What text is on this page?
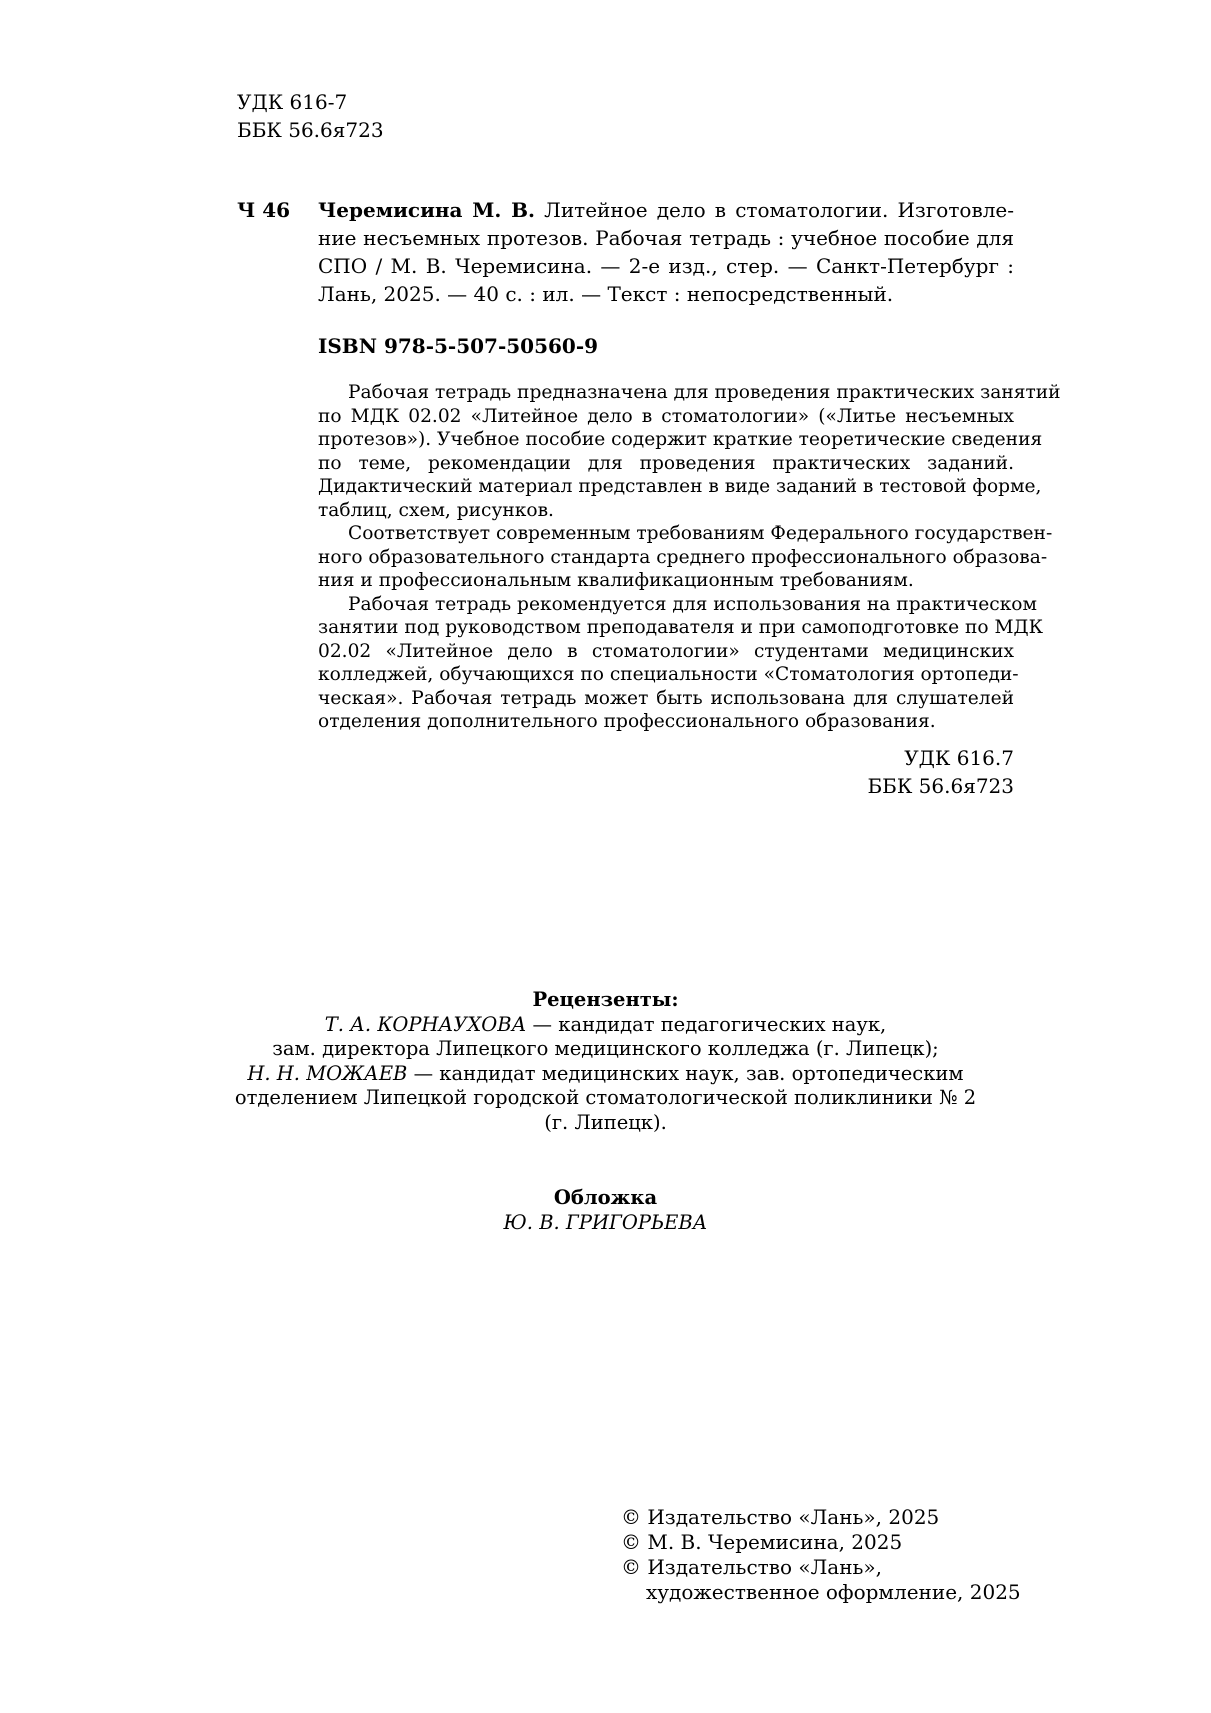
УДК 616-7
ББК 56.6я723
Ч 46 Черемисина М. В. Литейное дело в стоматологии. Изготовле-
ние несъемных протезов. Рабочая тетрадь : учебное пособие для
СПО / М. В. Черемисина. — 2-е изд., стер. — Санкт-Петербург :
Лань, 2025. — 40 с. : ил. — Текст : непосредственный.
ISBN 978-5-507-50560-9
Рабочая тетрадь предназначена для проведения практических занятий
по МДК 02.02 «Литейное дело в стоматологии» («Литье несъемных
протезов»). Учебное пособие содержит краткие теоретические сведения
по теме, рекомендации для проведения практических заданий.
Дидактический материал представлен в виде заданий в тестовой форме,
таблиц, схем, рисунков.
Соответствует современным требованиям Федерального государствен-
ного образовательного стандарта среднего профессионального образова-
ния и профессиональным квалификационным требованиям.
Рабочая тетрадь рекомендуется для использования на практическом
занятии под руководством преподавателя и при самоподготовке по МДК
02.02 «Литейное дело в стоматологии» студентами медицинских
колледжей, обучающихся по специальности «Стоматология ортопеди-
ческая». Рабочая тетрадь может быть использована для слушателей
отделения дополнительного профессионального образования.
УДК 616.7
ББК 56.6я723
Рецензенты:
Т. А. КОРНАУХОВА — кандидат педагогических наук,
зам. директора Липецкого медицинского колледжа (г. Липецк);
Н. Н. МОЖАЕВ — кандидат медицинских наук, зав. ортопедическим
отделением Липецкой городской стоматологической поликлиники № 2
(г. Липецк).
Обложка
Ю. В. ГРИГОРЬЕВА
© Издательство «Лань», 2025
© М. В. Черемисина, 2025
© Издательство «Лань»,
художественное оформление, 2025
